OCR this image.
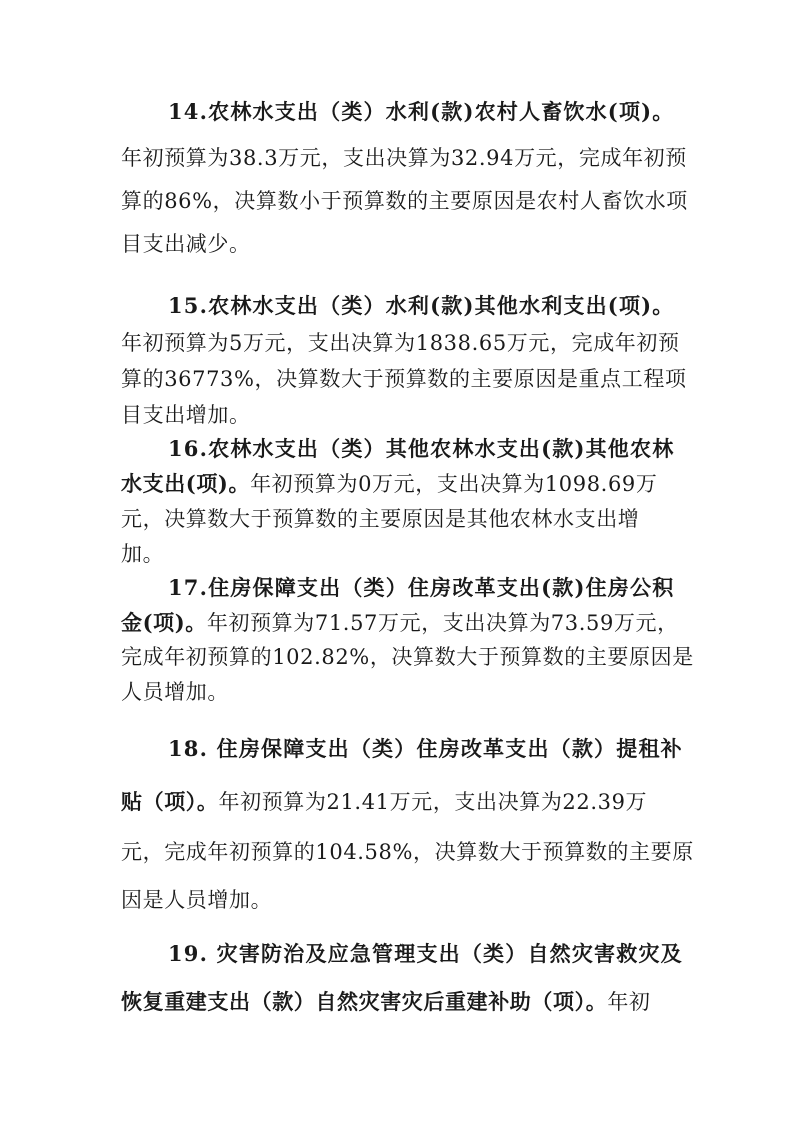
14.农林水支出（类）水利(款)农村人畜饮水(项)。
年初预算为38.3万元，支出决算为32.94万元，完成年初预
算的86%，决算数小于预算数的主要原因是农村人畜饮水项
目支出减少。
15.农林水支出（类）水利(款)其他水利支出(项)。
年初预算为5万元，支出决算为1838.65万元，完成年初预
算的36773%，决算数大于预算数的主要原因是重点工程项
目支出增加。
16.农林水支出（类）其他农林水支出(款)其他农林
水支出(项)。年初预算为0万元，支出决算为1098.69万
元，决算数大于预算数的主要原因是其他农林水支出增
加。
17.住房保障支出（类）住房改革支出(款)住房公积
金(项)。年初预算为71.57万元，支出决算为73.59万元，
完成年初预算的102.82%，决算数大于预算数的主要原因是
人员增加。
18. 住房保障支出（类）住房改革支出（款）提租补
贴（项）。年初预算为21.41万元，支出决算为22.39万
元，完成年初预算的104.58%，决算数大于预算数的主要原
因是人员增加。
19. 灾害防治及应急管理支出（类）自然灾害救灾及
恢复重建支出（款）自然灾害灾后重建补助（项）。年初
